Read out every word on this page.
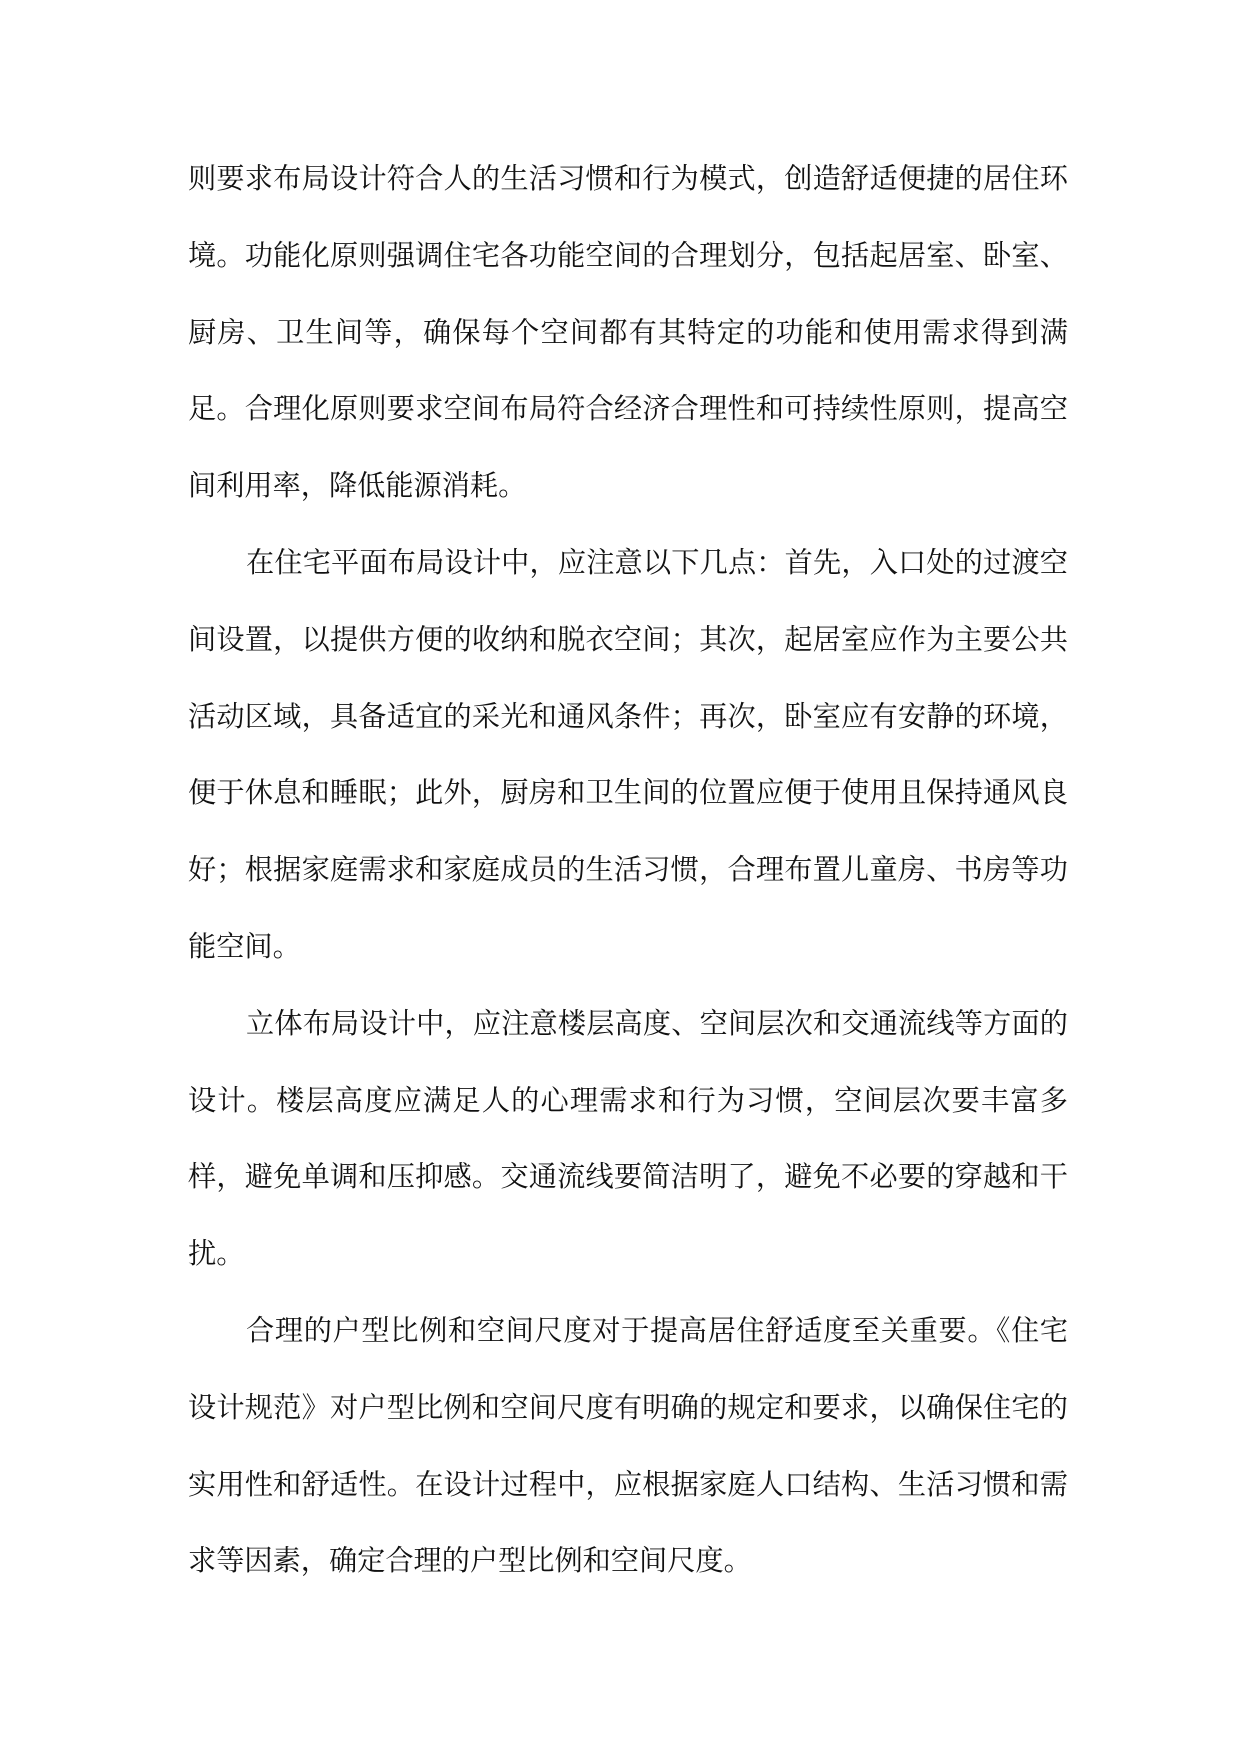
则要求布局设计符合人的生活习惯和行为模式，创造舒适便捷的居住环境。功能化原则强调住宅各功能空间的合理划分，包括起居室、卧室、厨房、卫生间等，确保每个空间都有其特定的功能和使用需求得到满足。合理化原则要求空间布局符合经济合理性和可持续性原则，提高空间利用率，降低能源消耗。

在住宅平面布局设计中，应注意以下几点：首先，入口处的过渡空间设置，以提供方便的收纳和脱衣空间；其次，起居室应作为主要公共活动区域，具备适宜的采光和通风条件；再次，卧室应有安静的环境，便于休息和睡眠；此外，厨房和卫生间的位置应便于使用且保持通风良好；根据家庭需求和家庭成员的生活习惯，合理布置儿童房、书房等功能空间。

立体布局设计中，应注意楼层高度、空间层次和交通流线等方面的设计。楼层高度应满足人的心理需求和行为习惯，空间层次要丰富多样，避免单调和压抑感。交通流线要简洁明了，避免不必要的穿越和干扰。

合理的户型比例和空间尺度对于提高居住舒适度至关重要。《住宅设计规范》对户型比例和空间尺度有明确的规定和要求，以确保住宅的实用性和舒适性。在设计过程中，应根据家庭人口结构、生活习惯和需求等因素，确定合理的户型比例和空间尺度。
